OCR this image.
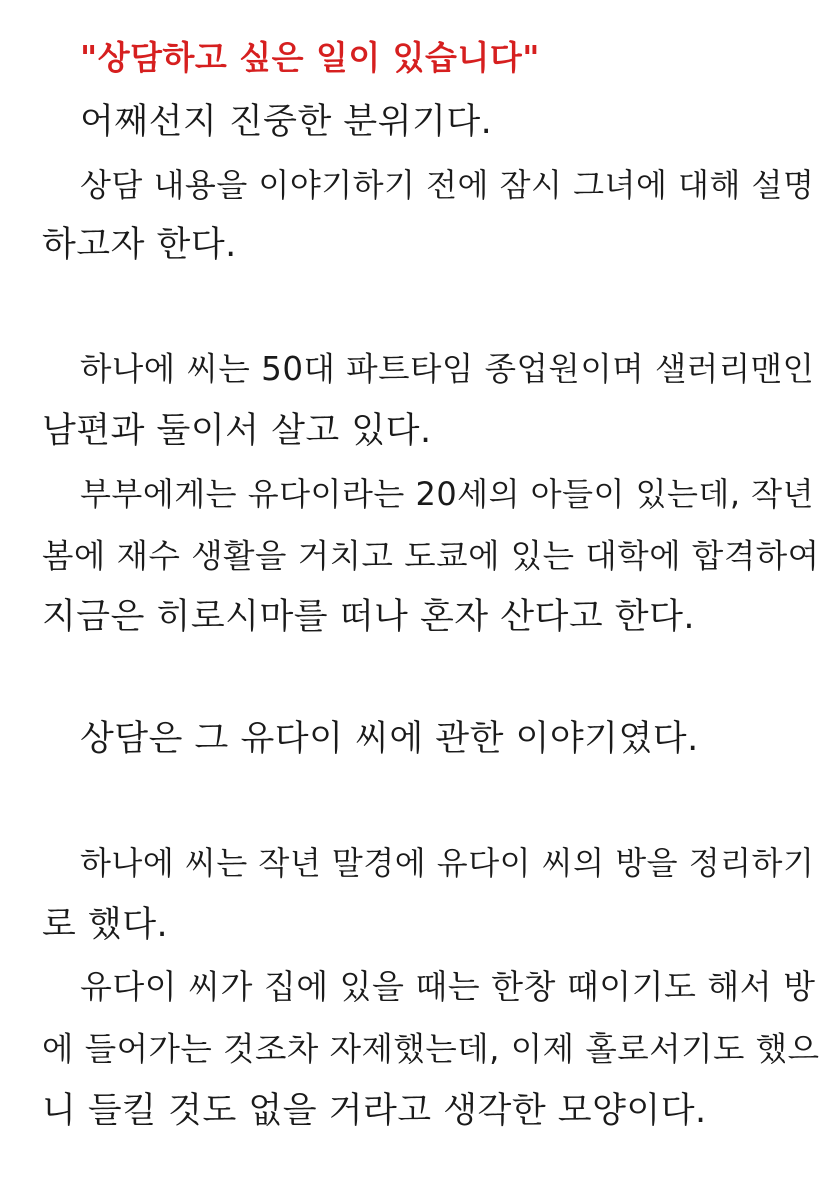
"상담하고 싶은 일이 있습니다"
어째선지 진중한 분위기다.
상담 내용을 이야기하기 전에 잠시 그녀에 대해 설명
하고자 한다.
하나에 씨는 50대 파트타임 종업원이며 샐러리맨인
남편과 둘이서 살고 있다.
부부에게는 유다이라는 20세의 아들이 있는데, 작년
봄에 재수 생활을 거치고 도쿄에 있는 대학에 합격하여
지금은 히로시마를 떠나 혼자 산다고 한다.
상담은 그 유다이 씨에 관한 이야기였다.
하나에 씨는 작년 말경에 유다이 씨의 방을 정리하기
로 했다.
유다이 씨가 집에 있을 때는 한창 때이기도 해서 방
에 들어가는 것조차 자제했는데, 이제 홀로서기도 했으
니 들킬 것도 없을 거라고 생각한 모양이다.
